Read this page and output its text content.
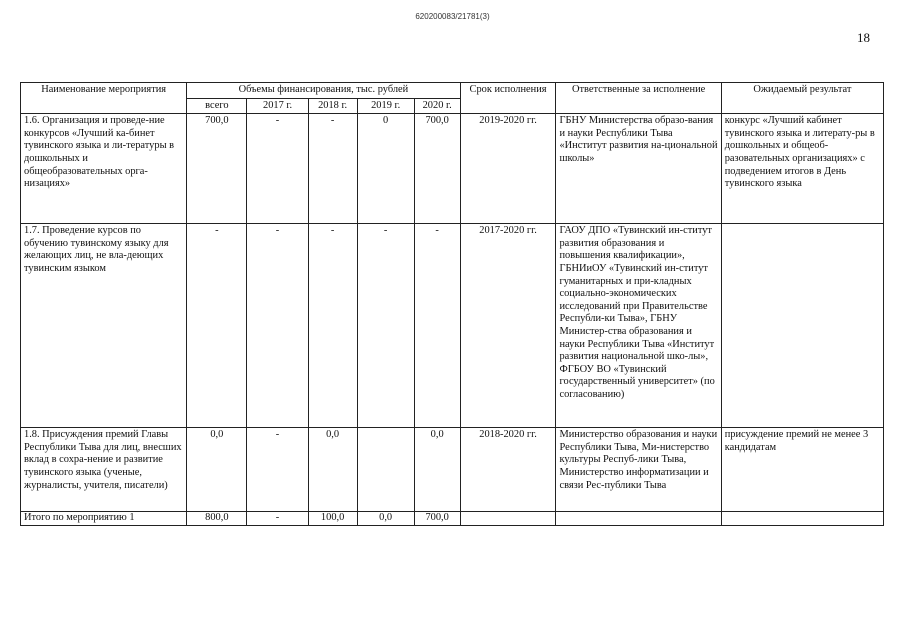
620200083/21781(3)
18
Наименование мероприятия	Объемы финансирования, тыс. рублей					Срок исполнения	Ответственные за исполнение	Ожидаемый результат
	всего	2017 г.	2018 г.	2019 г.	2020 г.			
1.6. Организация и проведе-ние конкурсов «Лучший ка-бинет тувинского языка и ли-тературы в дошкольных и общеобразовательных орга-низациях»	700,0	-	-	0	700,0	2019-2020 гг.	ГБНУ Министерства образо-вания и науки Республики Тыва «Институт развития на-циональной школы»	конкурс «Лучший кабинет тувинского языка и литерату-ры в дошкольных и общеоб-разовательных организациях» с подведением итогов в День тувинского языка
1.7. Проведение курсов по обучению тувинскому языку для желающих лиц, не вла-деющих тувинским языком	-	-	-	-	-	2017-2020 гг.	ГАОУ ДПО «Тувинский ин-ститут развития образования и повышения квалификации», ГБНИиОУ «Тувинский ин-ститут гуманитарных и при-кладных социально-экономических исследований при Правительстве Республи-ки Тыва», ГБНУ Министер-ства образования и науки Республики Тыва «Институт развития национальной шко-лы», ФГБОУ ВО «Тувинский государственный университет» (по согласованию)	
1.8. Присуждения премий Главы Республики Тыва для лиц, внесших вклад в сохра-нение и развитие тувинского языка (ученые, журналисты, учителя, писатели)	0,0	-	0,0		0,0	2018-2020 гг.	Министерство образования и науки Республики Тыва, Ми-нистерство культуры Респуб-лики Тыва, Министерство информатизации и связи Рес-публики Тыва	присуждение премий не менее 3 кандидатам
Итого по мероприятию 1	800,0	-	100,0	0,0	700,0			
